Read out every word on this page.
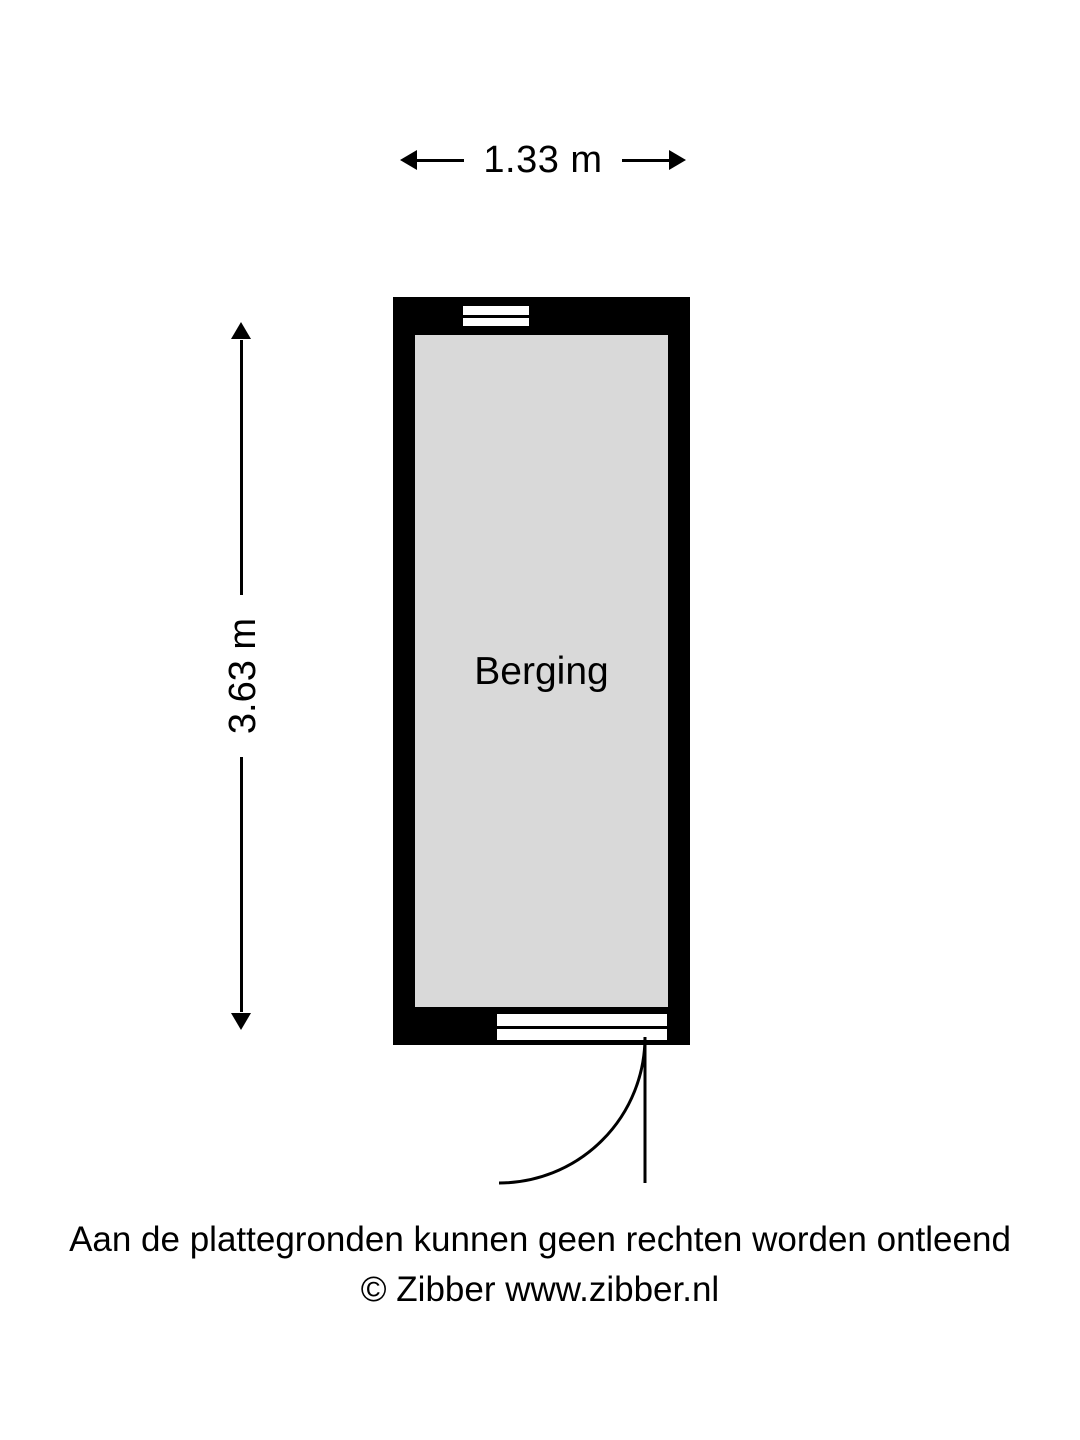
1.33 m
3.63 m	Berging
Aan de plattegronden kunnen geen rechten worden ontleend
© Zibber www.zibber.nl
